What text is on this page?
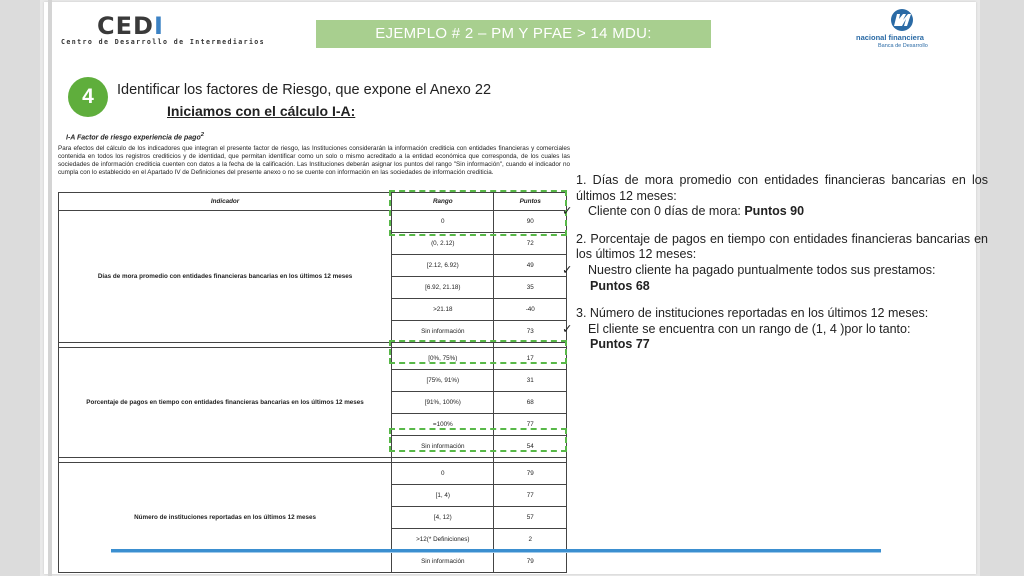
CEDI
Centro de Desarrollo de Intermediarios	EJEMPLO # 2 – PM Y PFAE > 14 MDU:	nacional financiera
Banca de Desarrollo
4	Identificar los factores de Riesgo, que expone el Anexo 22
Iniciamos con el cálculo I-A:
I-A Factor de riesgo experiencia de pago$^2$
Para efectos del cálculo de los indicadores que integran el presente factor de riesgo, las Instituciones considerarán la información crediticia con entidades financieras y comerciales contenida en todos los registros crediticios y de identidad, que permitan identificar como un solo o mismo acreditado a la entidad económica que corresponda, de los cuales las sociedades de información crediticia cuenten con datos a la fecha de la calificación. Las Instituciones deberán asignar los puntos del rango "Sin información", cuando el indicador no cumpla con lo establecido en el Apartado IV de Definiciones del presente anexo o no se cuente con información en las sociedades de información crediticia.
Indicador	Rango	Puntos
Días de mora promedio con entidades financieras bancarias en los últimos 12 meses	0	90
	(0, 2.12)	72
	[2.12, 6.92)	49
	[6.92, 21.18)	35
	>21.18	-40
	Sin información	73

Porcentaje de pagos en tiempo con entidades financieras bancarias en los últimos 12 meses	[0%, 75%)	17
	[75%, 91%)	31
	[91%, 100%)	68
	=100%	77
	Sin información	54

Número de instituciones reportadas en los últimos 12 meses	0	79
	[1, 4)	77
	[4, 12)	57
	>12(* Definiciones)	2
	Sin información	79

1. Días de mora promedio con entidades financieras bancarias en los últimos 12 meses:

✓ Cliente con 0 días de mora: Puntos 90

2. Porcentaje de pagos en tiempo con entidades financieras bancarias en los últimos 12 meses:

✓ Nuestro cliente ha pagado puntualmente todos sus prestamos:
Puntos 68

3. Número de instituciones reportadas en los últimos 12 meses:

✓ El cliente se encuentra con un rango de (1, 4 )por lo tanto:
Puntos 77
